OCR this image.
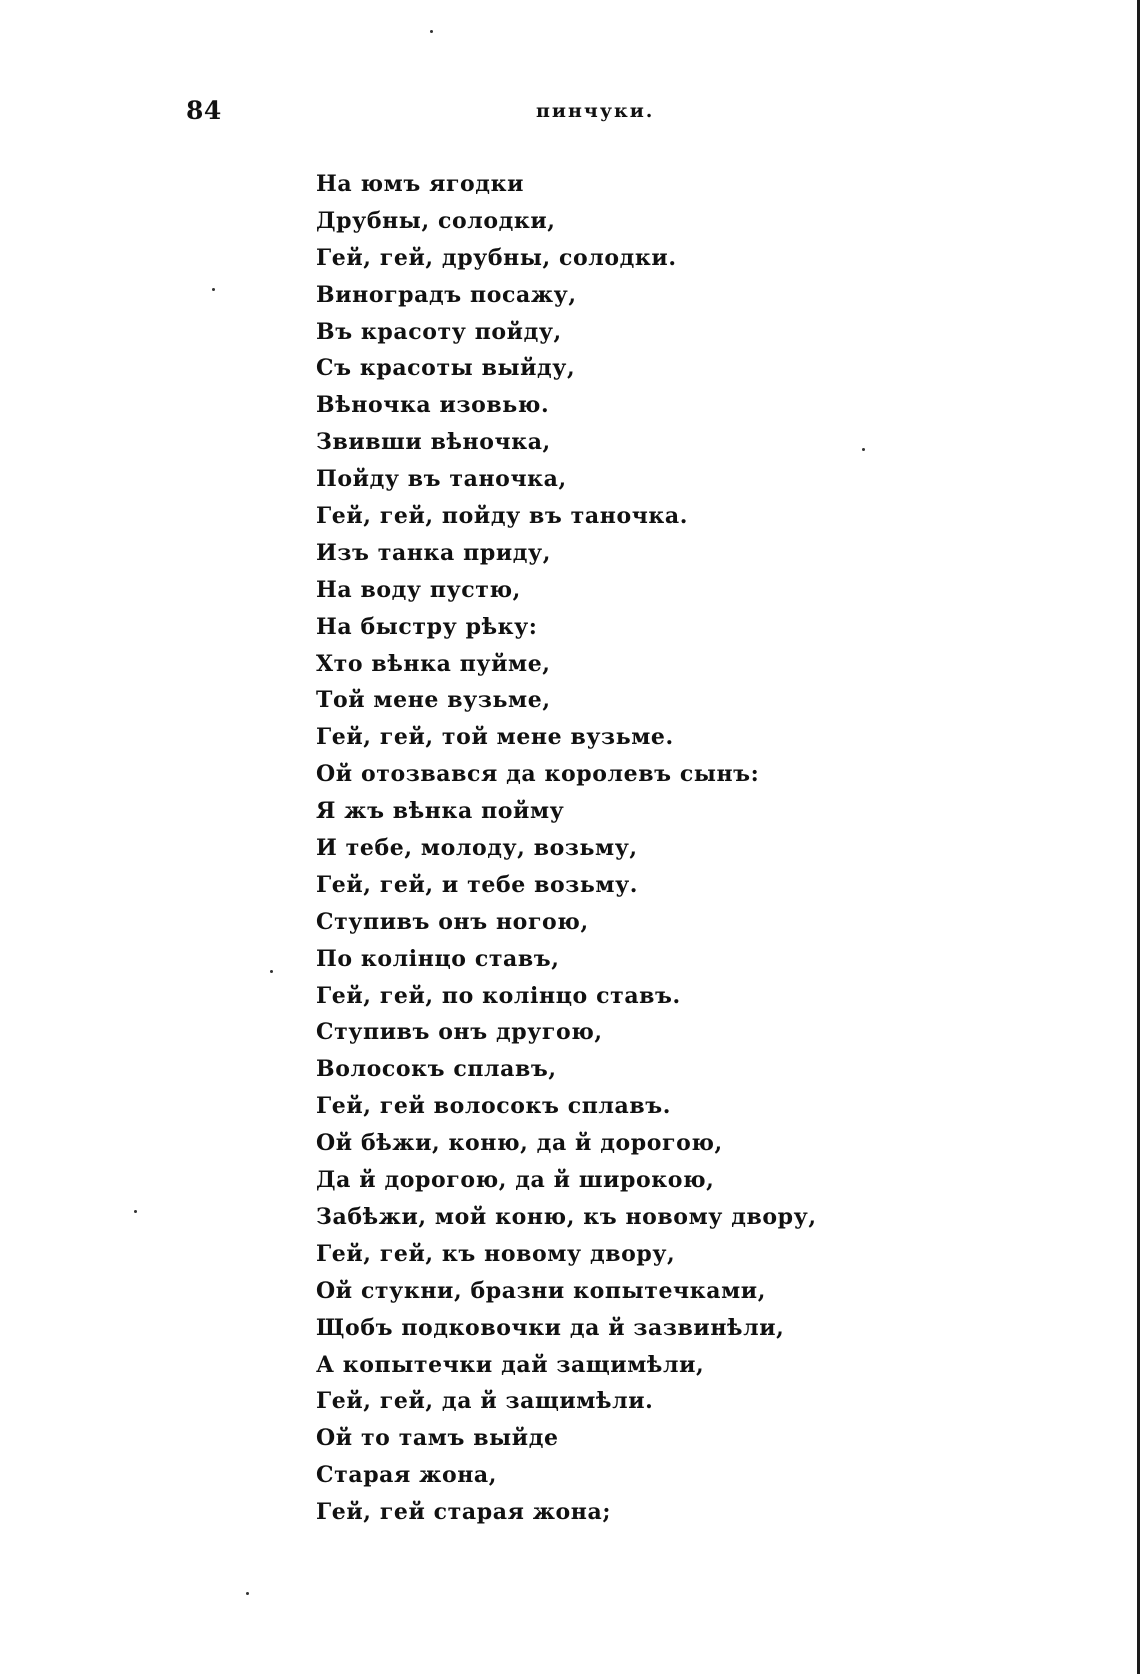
84	пинчуки.
На юмъ ягодки
Друбны, солодки,
Гей, гей, друбны, солодки.
Виноградъ посажу,
Въ красоту пойду,
Съ красоты выйду,
Вѣночка изовью.
Звивши вѣночка,
Пойду въ таночка,
Гей, гей, пойду въ таночка.
Изъ танка приду,
На воду пустю,
На быстру рѣку:
Хто вѣнка пуйме,
Той мене вузьме,
Гей, гей, той мене вузьме.
Ой отозвався да королевъ сынъ:
Я жъ вѣнка пойму
И тебе, молоду, возьму,
Гей, гей, и тебе возьму.
Ступивъ онъ ногою,
По колінцо ставъ,
Гей, гей, по колінцо ставъ.
Ступивъ онъ другою,
Волосокъ сплавъ,
Гей, гей волосокъ сплавъ.
Ой бѣжи, коню, да й дорогою,
Да й дорогою, да й широкою,
Забѣжи, мой коню, къ новому двору,
Гей, гей, къ новому двору,
Ой стукни, бразни копытечками,
Щобъ подковочки да й зазвинѣли,
А копытечки дай защимѣли,
Гей, гей, да й защимѣли.
Ой то тамъ выйде
Старая жона,
Гей, гей старая жона;
